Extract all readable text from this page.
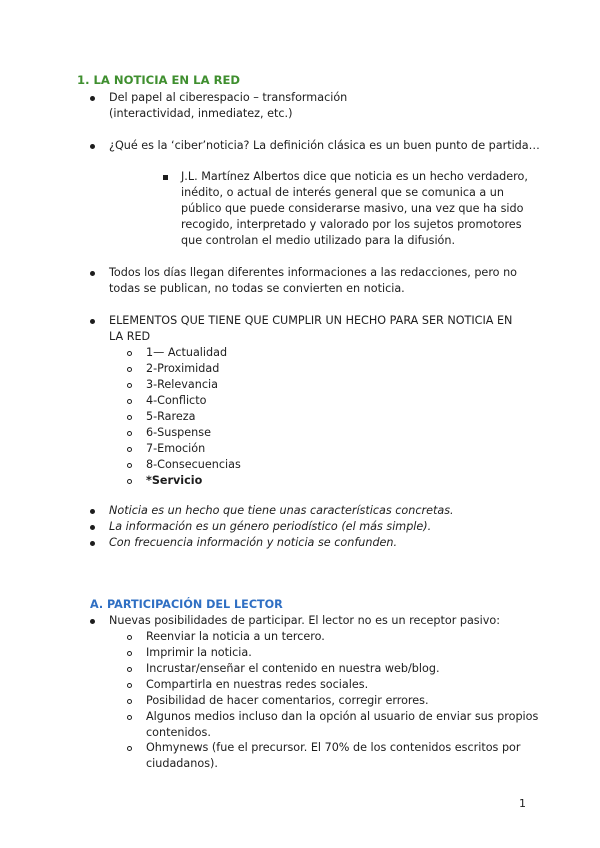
1. LA NOTICIA EN LA RED
Del papel al ciberespacio – transformación
(interactividad, inmediatez, etc.)
¿Qué es la ‘ciber’noticia? La definición clásica es un buen punto de partida…
J.L. Martínez Albertos dice que noticia es un hecho verdadero,
inédito, o actual de interés general que se comunica a un
público que puede considerarse masivo, una vez que ha sido
recogido, interpretado y valorado por los sujetos promotores
que controlan el medio utilizado para la difusión.
Todos los días llegan diferentes informaciones a las redacciones, pero no
todas se publican, no todas se convierten en noticia.
ELEMENTOS QUE TIENE QUE CUMPLIR UN HECHO PARA SER NOTICIA EN
LA RED
1— Actualidad
2-Proximidad
3-Relevancia
4-Conflicto
5-Rareza
6-Suspense
7-Emoción
8-Consecuencias
*Servicio
Noticia es un hecho que tiene unas características concretas.
La información es un género periodístico (el más simple).
Con frecuencia información y noticia se confunden.
A. PARTICIPACIÓN DEL LECTOR
Nuevas posibilidades de participar. El lector no es un receptor pasivo:
Reenviar la noticia a un tercero.
Imprimir la noticia.
Incrustar/enseñar el contenido en nuestra web/blog.
Compartirla en nuestras redes sociales.
Posibilidad de hacer comentarios, corregir errores.
Algunos medios incluso dan la opción al usuario de enviar sus propios
contenidos.
Ohmynews (fue el precursor. El 70% de los contenidos escritos por
ciudadanos).
1
